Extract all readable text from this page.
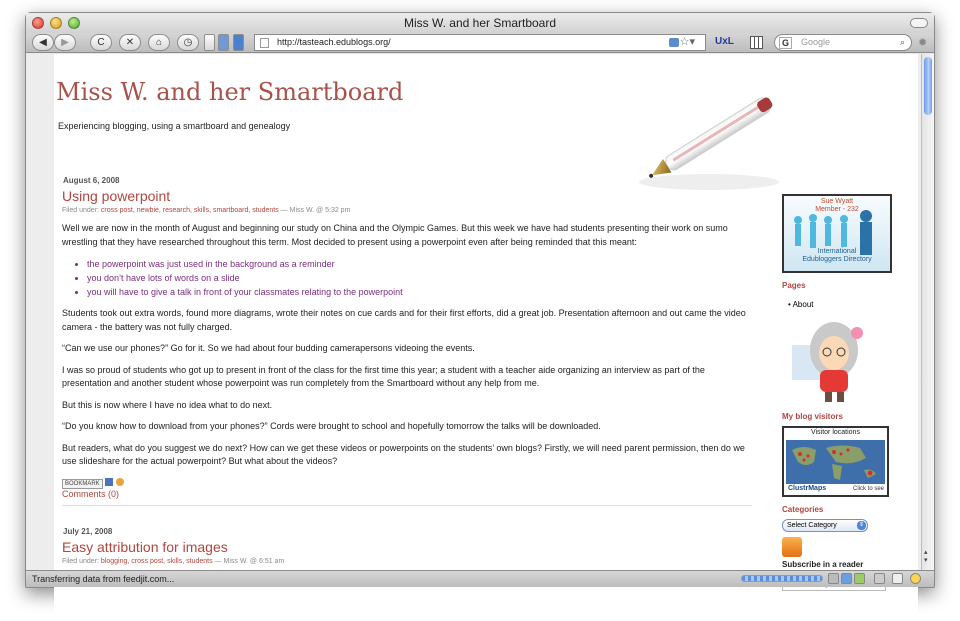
Miss W. and her Smartboard
◀	▶	C	✕	⌂	◷	http://tasteach.edublogs.org/	☆▾ UxL	G	Google	⌕ ✹
Miss W. and her Smartboard
Experiencing blogging, using a smartboard and genealogy
August 6, 2008
Using powerpoint
Filed under: cross post, newbie, research, skills, smartboard, students — Miss W. @ 5:32 pm

Well we are now in the month of August and beginning our study on China and the Olympic Games. But this week we have had students presenting their work on sumo wrestling that they have researched throughout this term. Most decided to present using a powerpoint even after being reminded that this meant:

• the powerpoint was just used in the background as a reminder
• you don’t have lots of words on a slide
• you will have to give a talk in front of your classmates relating to the powerpoint

Students took out extra words, found more diagrams, wrote their notes on cue cards and for their first efforts, did a great job. Presentation afternoon and out came the video camera - the battery was not fully charged.

“Can we use our phones?” Go for it. So we had about four budding camerapersons videoing the events.

I was so proud of students who got up to present in front of the class for the first time this year; a student with a teacher aide organizing an interview as part of the presentation and another student whose powerpoint was run completely from the Smartboard without any help from me.

But this is now where I have no idea what to do next.

“Do you know how to download from your phones?” Cords were brought to school and hopefully tomorrow the talks will be downloaded.

But readers, what do you suggest we do next? How can we get these videos or powerpoints on the students’ own blogs? Firstly, we will need parent permission, then do we use slideshare for the actual powerpoint? But what about the videos?

BOOKMARK
Comments (0)
July 21, 2008
Easy attribution for images
Filed under: blogging, cross post, skills, students — Miss W. @ 6:51 am
Sue Wyatt
Member - 232
International
Edubloggers Directory
Pages
• About
My blog visitors
Visitor locations
ClustrMaps	Click to see
Categories
Select Category	⇕
Subscribe in a reader
▴
▾
Transferring data from feedjit.com...
